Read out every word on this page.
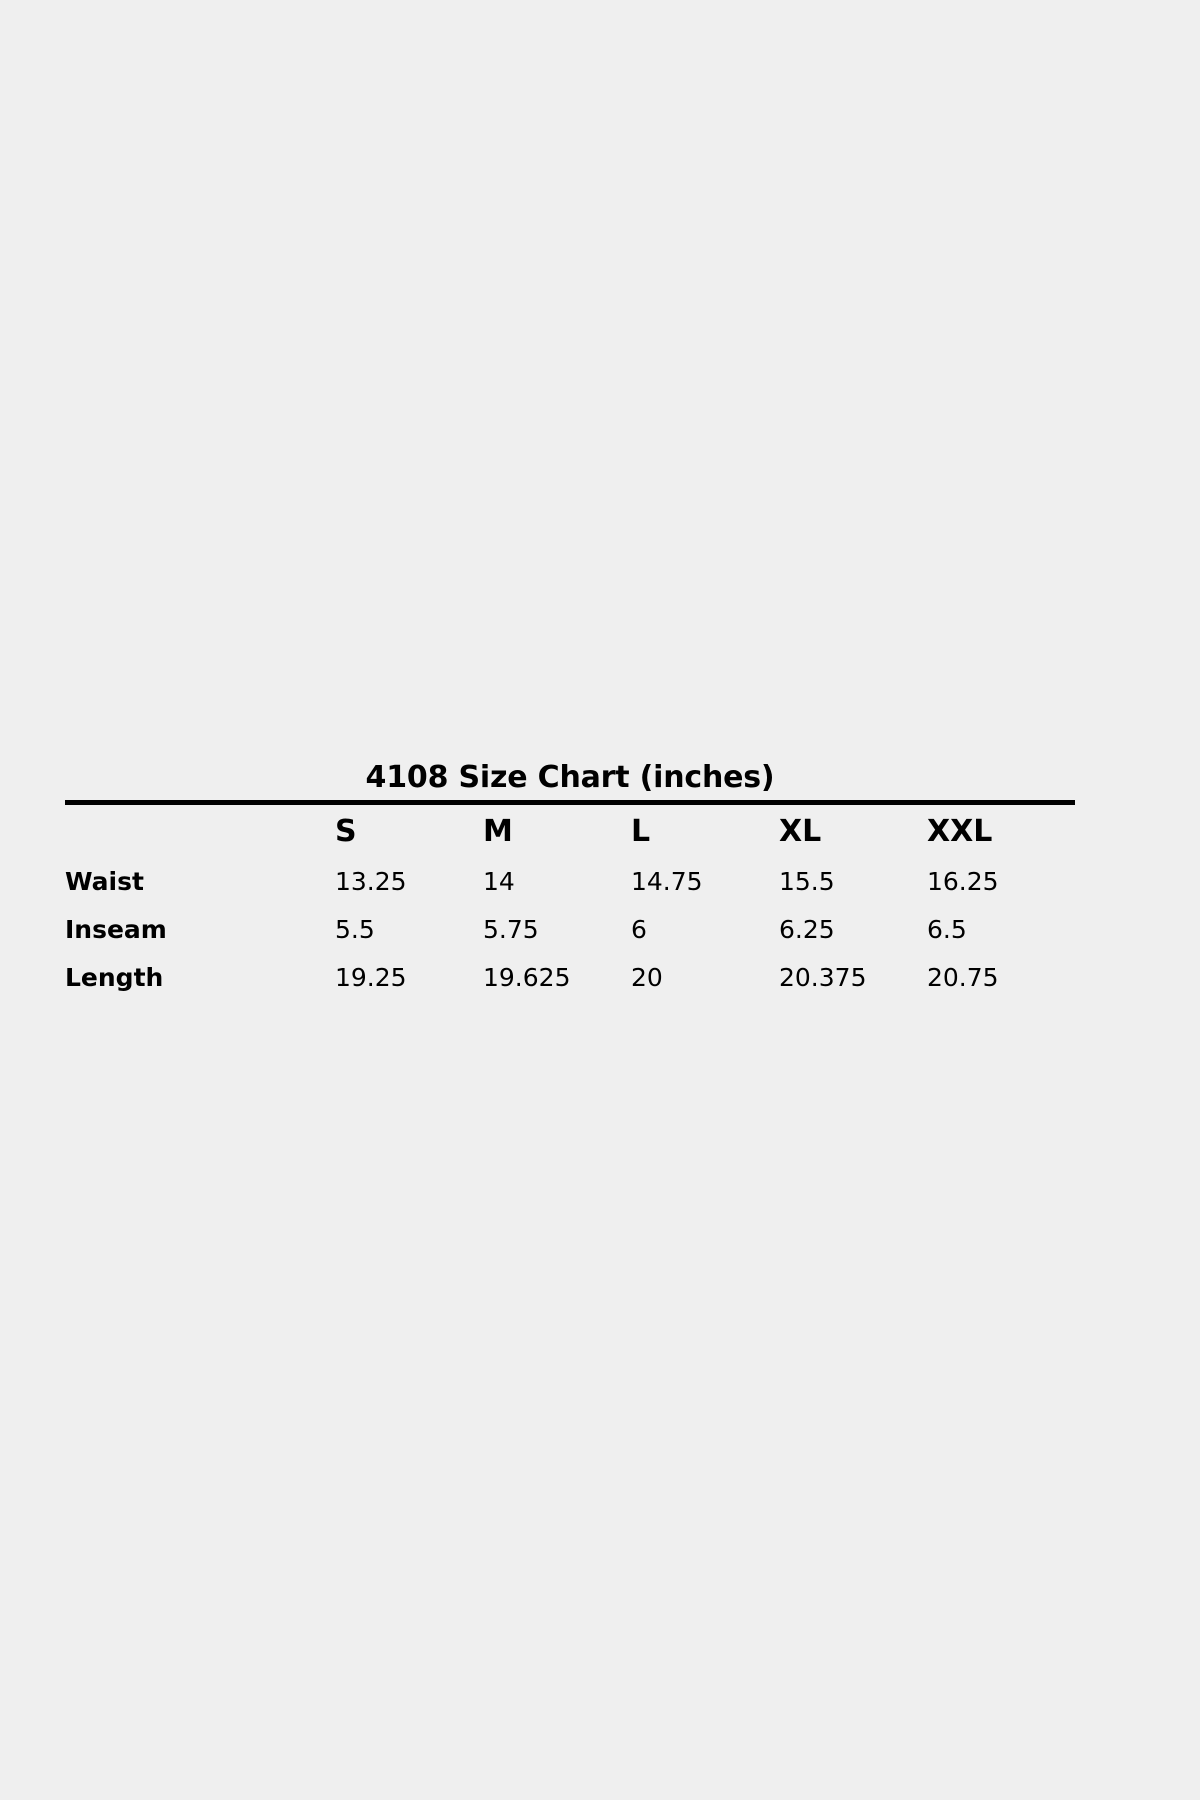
4108 Size Chart (inches)
	S	M	L	XL	XXL
Waist	13.25	14	14.75	15.5	16.25
Inseam	5.5	5.75	6	6.25	6.5
Length	19.25	19.625	20	20.375	20.75
